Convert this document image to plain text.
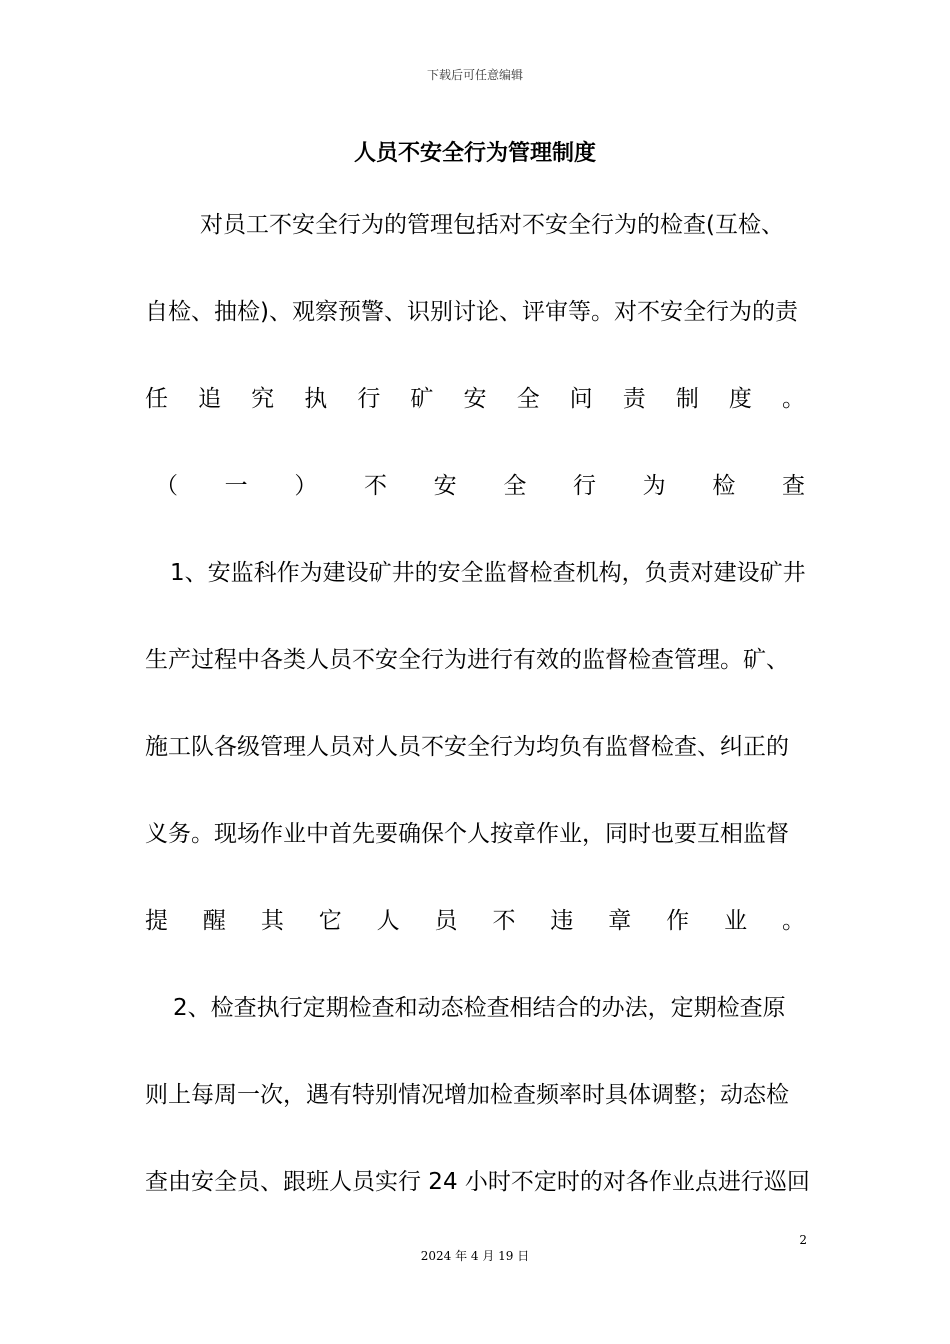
下载后可任意编辑
人员不安全行为管理制度
对员工不安全行为的管理包括对不安全行为的检查(互检、
自检、抽检)、观察预警、识别讨论、评审等。对不安全行为的责
任 追 究 执 行 矿 安 全 问 责 制 度 。
（ 一 ） 不 安 全 行 为 检 查
1、安监科作为建设矿井的安全监督检查机构，负责对建设矿井
生产过程中各类人员不安全行为进行有效的监督检查管理。矿、
施工队各级管理人员对人员不安全行为均负有监督检查、纠正的
义务。现场作业中首先要确保个人按章作业，同时也要互相监督
提 醒 其 它 人 员 不 违 章 作 业 。
2、检查执行定期检查和动态检查相结合的办法，定期检查原
则上每周一次，遇有特别情况增加检查频率时具体调整；动态检
查由安全员、跟班人员实行 24 小时不定时的对各作业点进行巡回
2
2024 年 4 月 19 日
